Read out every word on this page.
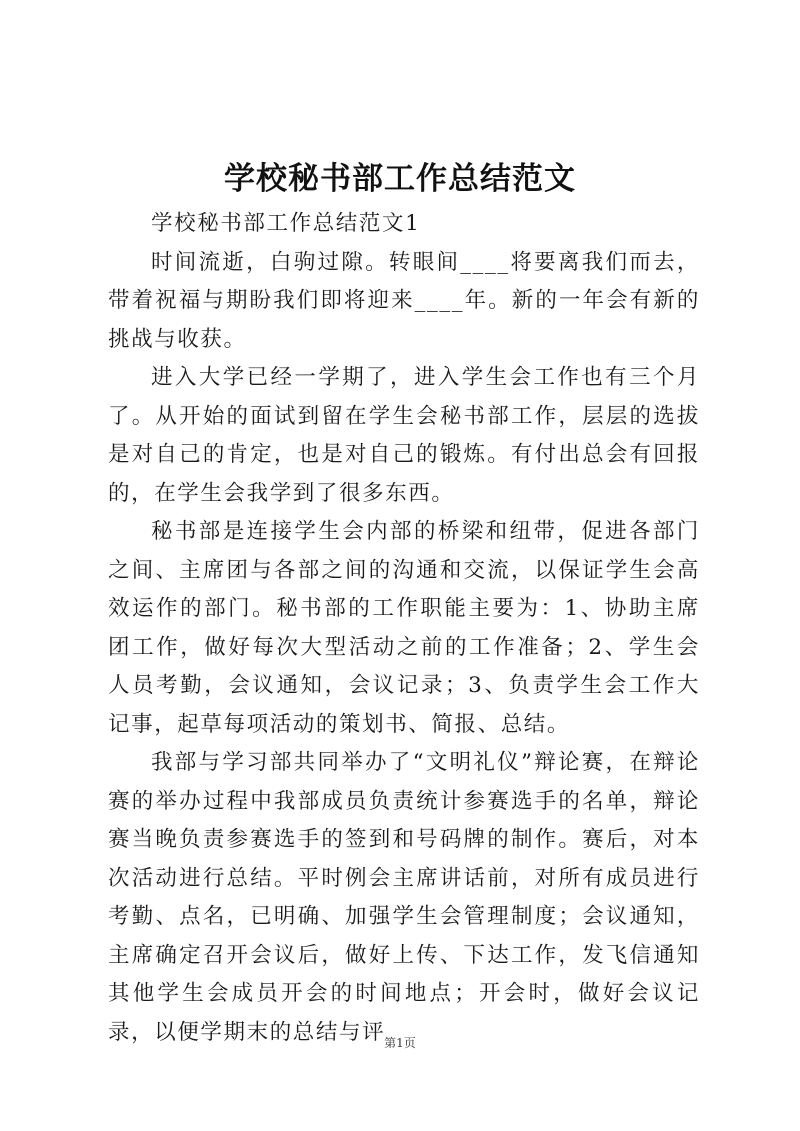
学校秘书部工作总结范文

学校秘书部工作总结范文1

时间流逝，白驹过隙。转眼间____将要离我们而去，带着祝福与期盼我们即将迎来____年。新的一年会有新的挑战与收获。

进入大学已经一学期了，进入学生会工作也有三个月了。从开始的面试到留在学生会秘书部工作，层层的选拔是对自己的肯定，也是对自己的锻炼。有付出总会有回报的，在学生会我学到了很多东西。

秘书部是连接学生会内部的桥梁和纽带，促进各部门之间、主席团与各部之间的沟通和交流，以保证学生会高效运作的部门。秘书部的工作职能主要为：1、协助主席团工作，做好每次大型活动之前的工作准备；2、学生会人员考勤，会议通知，会议记录；3、负责学生会工作大记事，起草每项活动的策划书、简报、总结。

我部与学习部共同举办了“文明礼仪”辩论赛，在辩论赛的举办过程中我部成员负责统计参赛选手的名单，辩论赛当晚负责参赛选手的签到和号码牌的制作。赛后，对本次活动进行总结。平时例会主席讲话前，对所有成员进行考勤、点名，已明确、加强学生会管理制度；会议通知，主席确定召开会议后，做好上传、下达工作，发飞信通知其他学生会成员开会的时间地点；开会时，做好会议记录，以便学期末的总结与评

第1页
